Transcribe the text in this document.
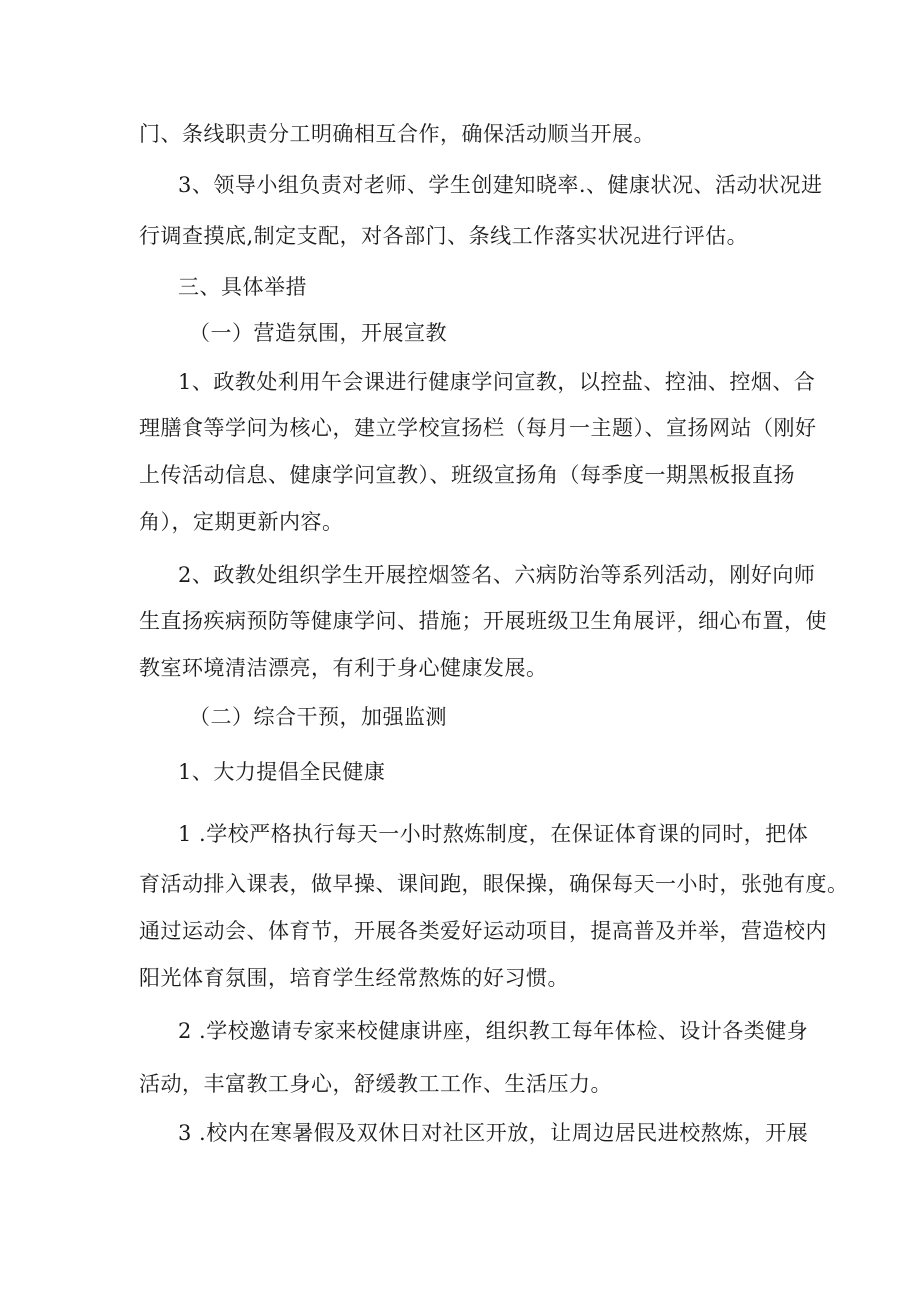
门、条线职责分工明确相互合作，确保活动顺当开展。
3、领导小组负责对老师、学生创建知晓率.、健康状况、活动状况进
行调查摸底,制定支配，对各部门、条线工作落实状况进行评估。
三、具体举措
（一）营造氛围，开展宣教
1、政教处利用午会课进行健康学问宣教，以控盐、控油、控烟、合
理膳食等学问为核心，建立学校宣扬栏（每月一主题）、宣扬网站（刚好
上传活动信息、健康学问宣教）、班级宣扬角（每季度一期黑板报直扬
角），定期更新内容。
2、政教处组织学生开展控烟签名、六病防治等系列活动，刚好向师
生直扬疾病预防等健康学问、措施；开展班级卫生角展评，细心布置，使
教室环境清洁漂亮，有利于身心健康发展。
（二）综合干预，加强监测
1、大力提倡全民健康
1 .学校严格执行每天一小时熬炼制度，在保证体育课的同时，把体
育活动排入课表，做早操、课间跑，眼保操，确保每天一小时，张弛有度。
通过运动会、体育节，开展各类爱好运动项目，提高普及并举，营造校内
阳光体育氛围，培育学生经常熬炼的好习惯。
2 .学校邀请专家来校健康讲座，组织教工每年体检、设计各类健身
活动，丰富教工身心，舒缓教工工作、生活压力。
3 .校内在寒暑假及双休日对社区开放，让周边居民进校熬炼，开展
